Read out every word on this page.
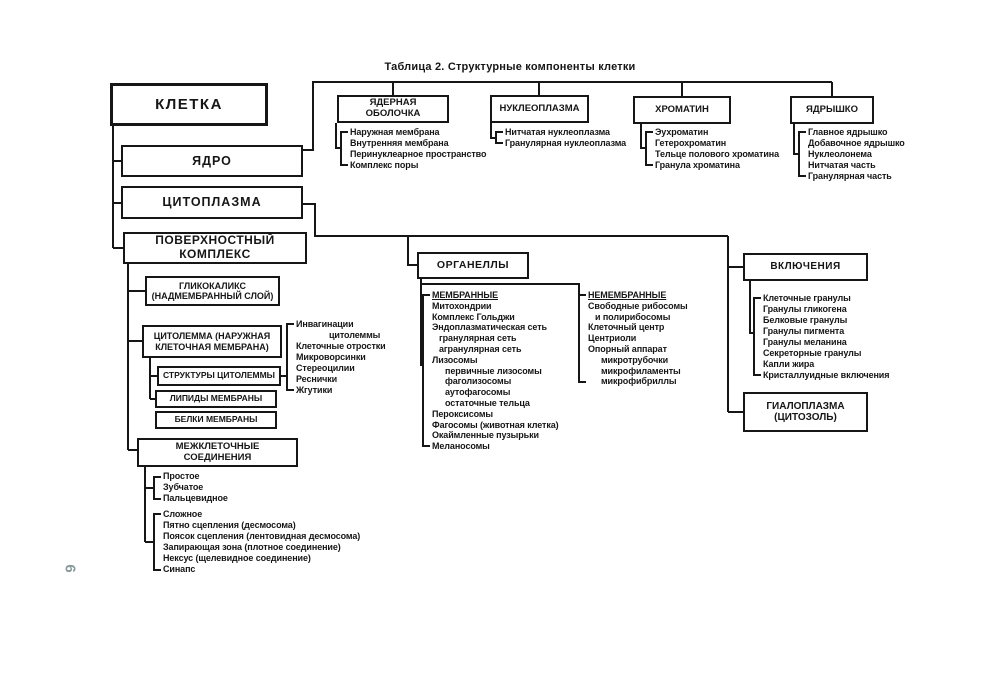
Таблица 2. Структурные компоненты клетки
КЛЕТКА
ЯДРО
ЦИТОПЛАЗМА
ПОВЕРХНОСТНЫЙ КОМПЛЕКС
ГЛИКОКАЛИКС (НАДМЕМБРАННЫЙ СЛОЙ)
ЦИТОЛЕММА (НАРУЖНАЯ КЛЕТОЧНАЯ МЕМБРАНА)
СТРУКТУРЫ ЦИТОЛЕММЫ
ЛИПИДЫ МЕМБРАНЫ
БЕЛКИ МЕМБРАНЫ
МЕЖКЛЕТОЧНЫЕ СОЕДИНЕНИЯ
ЯДЕРНАЯ ОБОЛОЧКА	НУКЛЕОПЛАЗМА	ХРОМАТИН	ЯДРЫШКО
ОРГАНЕЛЛЫ	ВКЛЮЧЕНИЯ
ГИАЛОПЛАЗМА (ЦИТОЗОЛЬ)
Наружная мембрана
Внутренняя мембрана
Перинуклеарное пространство
Комплекс поры
Нитчатая нуклеоплазма
Гранулярная нуклеоплазма
Эухроматин
Гетерохроматин
Тельце полового хроматина
Гранула хроматина
Главное ядрышко
Добавочное ядрышко
Нуклеолонема
Нитчатая часть
Гранулярная часть
Инвагинации
цитолеммы
Клеточные отростки
Микроворсинки
Стереоцилии
Реснички
Жгутики
МЕМБРАННЫЕ
Митохондрии
Комплекс Гольджи
Эндоплазматическая сеть
гранулярная сеть
агранулярная сеть
Лизосомы
первичные лизосомы
фаголизосомы
аутофагосомы
остаточные тельца
Пероксисомы
Фагосомы (животная клетка)
Окаймленные пузырьки
Меланосомы
НЕМЕМБРАННЫЕ
Свободные рибосомы
и полирибосомы
Клеточный центр
Центриоли
Опорный аппарат
микротрубочки
микрофиламенты
микрофибриллы
Клеточные гранулы
Гранулы гликогена
Белковые гранулы
Гранулы пигмента
Гранулы меланина
Секреторные гранулы
Капли жира
Кристаллуидные включения
Простое
Зубчатое
Пальцевидное
Сложное
Пятно сцепления (десмосома)
Поясок сцепления (лентовидная десмосома)
Запирающая зона (плотное соединение)
Нексус (щелевидное соединение)
Синапс
6
